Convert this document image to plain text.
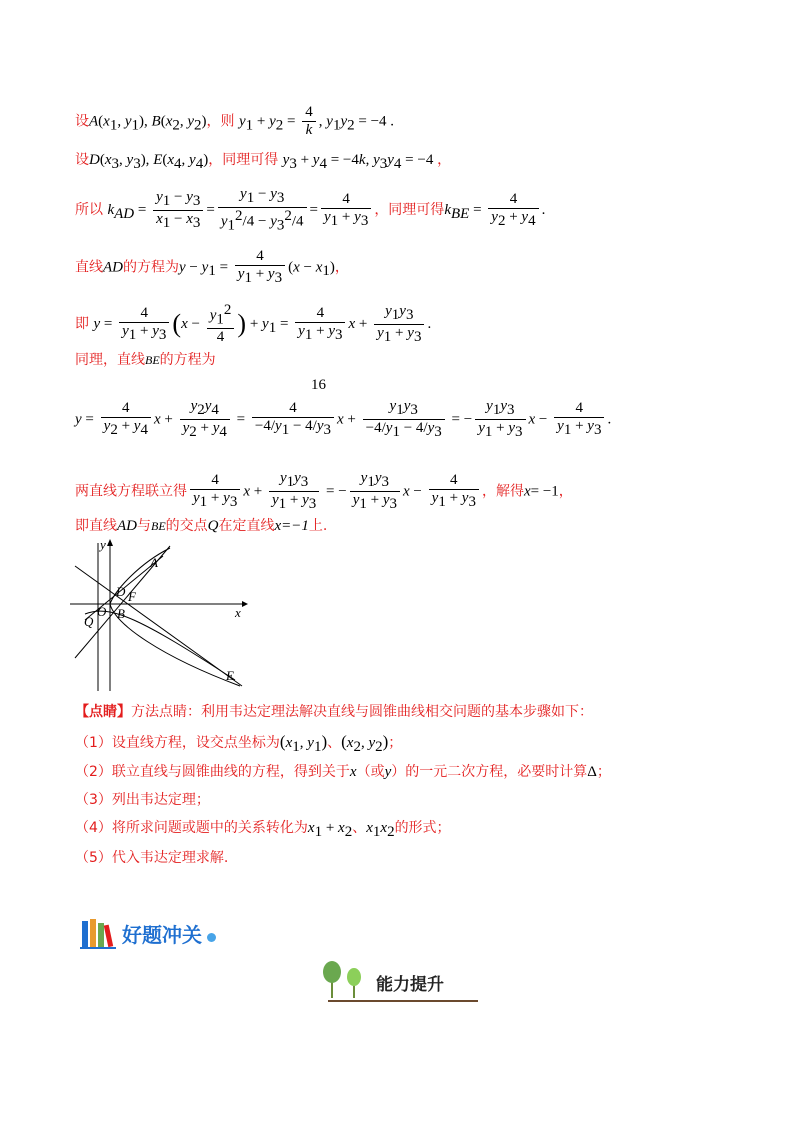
设$A(x_1$, $y_1$), $B(x_2$, $y_2$)，则 $y_1 + y_2 = \frac{4}{k}$ , $y_1y_2 = -4$ .
设$D(x_3$, $y_3$), $E(x_4$, $y_4$)，同理可得 $y_3 + y_4 = -4k$, $y_3y_4 = -4$ ，
所以 $k_{AD} = \frac{y_1 - y_3}{x_1 - x_3} = \frac{y_1 - y_3}{y_1^2/4 - y_3^2/4} = \frac{4}{y_1 + y_3}$ ，同理可得$k_{BE} = \frac{4}{y_2 + y_4}$ .
直线AD的方程为$y - y_1 = \frac{4}{y_1 + y_3} (x - x_1)$，
即 $y = \frac{4}{y_1 + y_3} (x - \frac{y_1^2}{4}$ ) + $y_1 = \frac{4}{y_1 + y_3}$ $x + \frac{y_1y_3}{y_1 + y_3}$ .
同理，直线BE的方程为
16
$y = \frac{4}{y_2 + y_4}$ $x + \frac{y_2y_4}{y_2 + y_4} = \frac{4}{-4/y_1 - 4/y_3}$ $x + \frac{y_1y_3}{-4/y_1 - 4/y_3}$ = − $\frac{y_1y_3}{y_1 + y_3}$ $x - \frac{4}{y_1 + y_3}$ .
两直线方程联立得 $\frac{4}{y_1 + y_3}$ $x + \frac{y_1y_3}{y_1 + y_3}$ = − $\frac{y_1y_3}{y_1 + y_3}$ $x - \frac{4}{y_1 + y_3}$ ，解得x= −1，
即直线AD与BE的交点Q在定直线x=−1上.
y
x
A
D F
O
Q
B
E
【点睛】方法点睛：利用韦达定理法解决直线与圆锥曲线相交问题的基本步骤如下：
（1）设直线方程，设交点坐标为($x_1$, $y_1$)、($x_2$, $y_2$)；
（2）联立直线与圆锥曲线的方程，得到关于x（或y）的一元二次方程，必要时计算Δ；
（3）列出韦达定理；
（4）将所求问题或题中的关系转化为$x_1 + x_2$、$x_1x_2$的形式；
（5）代入韦达定理求解.
好题冲关
能力提升
